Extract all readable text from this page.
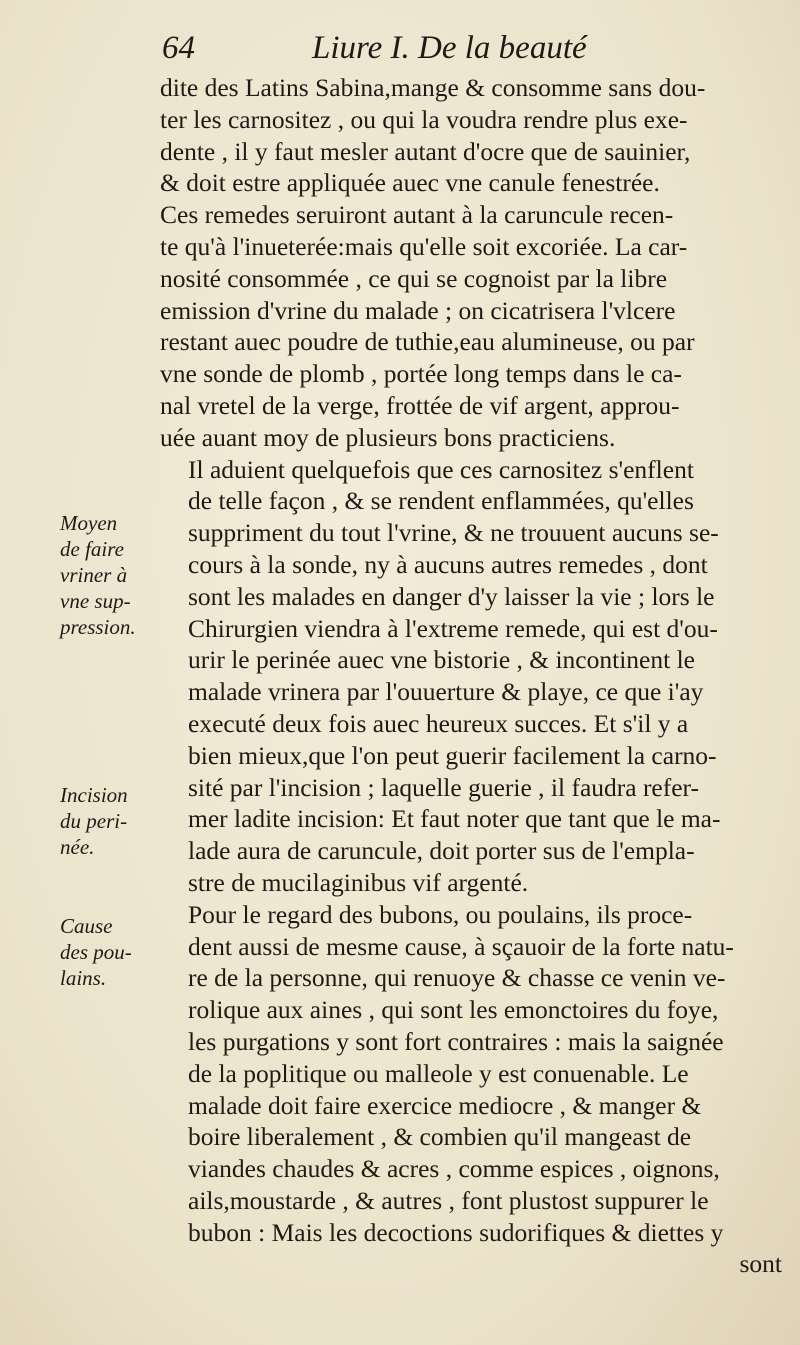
64	Liure I. De la beauté
dite des Latins Sabina,mange & consomme sans dou-
ter les carnositez , ou qui la voudra rendre plus exe-
dente , il y faut mesler autant d'ocre que de sauinier,
& doit estre appliquée auec vne canule fenestrée.
Ces remedes seruiront autant à la caruncule recen-
te qu'à l'inueterée:mais qu'elle soit excoriée. La car-
nosité consommée , ce qui se cognoist par la libre
emission d'vrine du malade ; on cicatrisera l'vlcere
restant auec poudre de tuthie,eau alumineuse, ou par
vne sonde de plomb , portée long temps dans le ca-
nal vretel de la verge, frottée de vif argent, approu-
uée auant moy de plusieurs bons practiciens.
Il aduient quelquefois que ces carnositez s'enflent
de telle façon , & se rendent enflammées, qu'elles
suppriment du tout l'vrine, & ne trouuent aucuns se-
cours à la sonde, ny à aucuns autres remedes , dont
sont les malades en danger d'y laisser la vie ; lors le
Chirurgien viendra à l'extreme remede, qui est d'ou-
urir le perinée auec vne bistorie , & incontinent le
malade vrinera par l'ouuerture & playe, ce que i'ay
executé deux fois auec heureux succes. Et s'il y a
bien mieux,que l'on peut guerir facilement la carno-
sité par l'incision ; laquelle guerie , il faudra refer-
mer ladite incision: Et faut noter que tant que le ma-
lade aura de caruncule, doit porter sus de l'empla-
stre de mucilaginibus vif argenté.
Pour le regard des bubons, ou poulains, ils proce-
dent aussi de mesme cause, à sçauoir de la forte natu-
re de la personne, qui renuoye & chasse ce venin ve-
rolique aux aines , qui sont les emonctoires du foye,
les purgations y sont fort contraires : mais la saignée
de la poplitique ou malleole y est conuenable. Le
malade doit faire exercice mediocre , & manger &
boire liberalement , & combien qu'il mangeast de
viandes chaudes & acres , comme espices , oignons,
ails,moustarde , & autres , font plustost suppurer le
bubon : Mais les decoctions sudorifiques & diettes y
sont
Moyen
de faire
vriner à
vne sup-
pression.
Incision
du peri-
née.
Cause
des pou-
lains.
